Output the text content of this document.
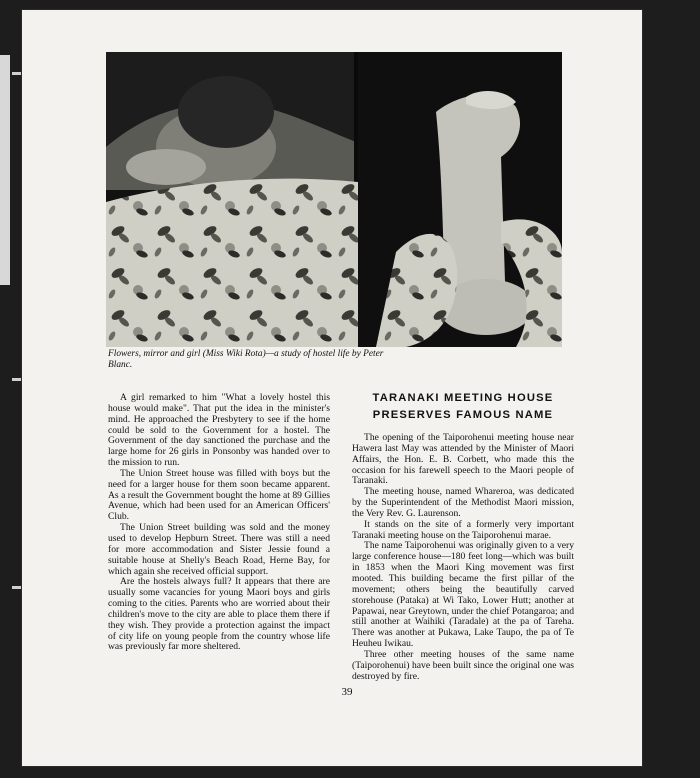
Flowers, mirror and girl (Miss Wiki Rota)—a study of hostel life by Peter Blanc.

A girl remarked to him "What a lovely hostel this house would make". That put the idea in the minister's mind. He approached the Presbytery to see if the home could be sold to the Government for a hostel. The Government of the day sanctioned the purchase and the large home for 26 girls in Ponsonby was handed over to the mission to run.

The Union Street house was filled with boys but the need for a larger house for them soon became apparent. As a result the Government bought the home at 89 Gillies Avenue, which had been used for an American Officers' Club.

The Union Street building was sold and the money used to develop Hepburn Street. There was still a need for more accommodation and Sister Jessie found a suitable house at Shelly's Beach Road, Herne Bay, for which again she received official support.

Are the hostels always full? It appears that there are usually some vacancies for young Maori boys and girls coming to the cities. Parents who are worried about their children's move to the city are able to place them there if they wish. They provide a protection against the impact of city life on young people from the country whose life was previously far more sheltered.

TARANAKI MEETING HOUSE
PRESERVES FAMOUS NAME

The opening of the Taiporohenui meeting house near Hawera last May was attended by the Minister of Maori Affairs, the Hon. E. B. Corbett, who made this the occasion for his farewell speech to the Maori people of Taranaki.

The meeting house, named Whareroa, was dedicated by the Superintendent of the Methodist Maori mission, the Very Rev. G. Laurenson.

It stands on the site of a formerly very important Taranaki meeting house on the Taiporohenui marae.

The name Taiporohenui was originally given to a very large conference house—180 feet long—which was built in 1853 when the Maori King movement was first mooted. This building became the first pillar of the movement; others being the beautifully carved storehouse (Pataka) at Wi Tako, Lower Hutt; another at Papawai, near Greytown, under the chief Potangaroa; and still another at Waihiki (Taradale) at the pa of Tareha. There was another at Pukawa, Lake Taupo, the pa of Te Heuheu Iwikau.

Three other meeting houses of the same name (Taiporohenui) have been built since the original one was destroyed by fire.

39
